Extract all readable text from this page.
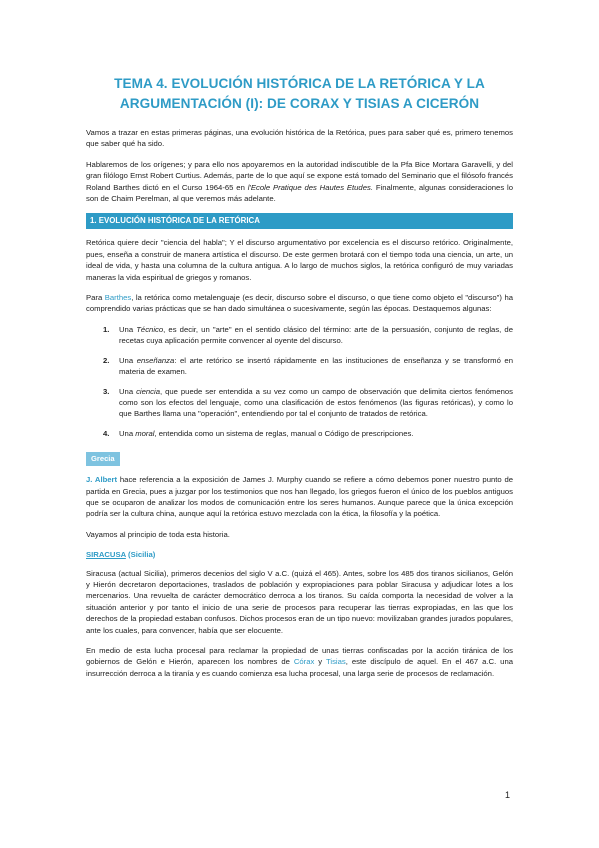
TEMA 4. EVOLUCIÓN HISTÓRICA DE LA RETÓRICA Y LA ARGUMENTACIÓN (I): DE CORAX Y TISIAS A CICERÓN

Vamos a trazar en estas primeras páginas, una evolución histórica de la Retórica, pues para saber qué es, primero tenemos que saber qué ha sido.

Hablaremos de los orígenes; y para ello nos apoyaremos en la autoridad indiscutible de la Pfa Bice Mortara Garavelli, y del gran filólogo Ernst Robert Curtius. Además, parte de lo que aquí se expone está tomado del Seminario que el filósofo francés Roland Barthes dictó en el Curso 1964-65 en l'Ecole Pratique des Hautes Etudes. Finalmente, algunas consideraciones lo son de Chaim Perelman, al que veremos más adelante.

1. EVOLUCIÓN HISTÓRICA DE LA RETÓRICA

Retórica quiere decir "ciencia del habla"; Y el discurso argumentativo por excelencia es el discurso retórico. Originalmente, pues, enseña a construir de manera artística el discurso. De este germen brotará con el tiempo toda una ciencia, un arte, un ideal de vida, y hasta una columna de la cultura antigua. A lo largo de muchos siglos, la retórica configuró de muy variadas maneras la vida espiritual de griegos y romanos.

Para Barthes, la retórica como metalenguaje (es decir, discurso sobre el discurso, o que tiene como objeto el "discurso") ha comprendido varias prácticas que se han dado simultánea o sucesivamente, según las épocas. Destaquemos algunas:

1. Una Técnico, es decir, un "arte" en el sentido clásico del término: arte de la persuasión, conjunto de reglas, de recetas cuya aplicación permite convencer al oyente del discurso.
2. Una enseñanza: el arte retórico se insertó rápidamente en las instituciones de enseñanza y se transformó en materia de examen.
3. Una ciencia, que puede ser entendida a su vez como un campo de observación que delimita ciertos fenómenos como son los efectos del lenguaje, como una clasificación de estos fenómenos (las figuras retóricas), y como lo que Barthes llama una "operación", entendiendo por tal el conjunto de tratados de retórica.
4. Una moral, entendida como un sistema de reglas, manual o Código de prescripciones.
Grecia

J. Albert hace referencia a la exposición de James J. Murphy cuando se refiere a cómo debemos poner nuestro punto de partida en Grecia, pues a juzgar por los testimonios que nos han llegado, los griegos fueron el único de los pueblos antiguos que se ocuparon de analizar los modos de comunicación entre los seres humanos. Aunque parece que la única excepción podría ser la cultura china, aunque aquí la retórica estuvo mezclada con la ética, la filosofía y la poética.

Vayamos al principio de toda esta historia.

SIRACUSA (Sicilia)

Siracusa (actual Sicilia), primeros decenios del siglo V a.C. (quizá el 465). Antes, sobre los 485 dos tiranos sicilianos, Gelón y Hierón decretaron deportaciones, traslados de población y expropiaciones para poblar Siracusa y adjudicar lotes a los mercenarios. Una revuelta de carácter democrático derroca a los tiranos. Su caída comporta la necesidad de volver a la situación anterior y por tanto el inicio de una serie de procesos para recuperar las tierras expropiadas, en las que los derechos de la propiedad estaban confusos. Dichos procesos eran de un tipo nuevo: movilizaban grandes jurados populares, ante los cuales, para convencer, había que ser elocuente.

En medio de esta lucha procesal para reclamar la propiedad de unas tierras confiscadas por la acción tiránica de los gobiernos de Gelón e Hierón, aparecen los nombres de Córax y Tisias, este discípulo de aquel. En el 467 a.C. una insurrección derroca a la tiranía y es cuando comienza esa lucha procesal, una larga serie de procesos de reclamación.

1
